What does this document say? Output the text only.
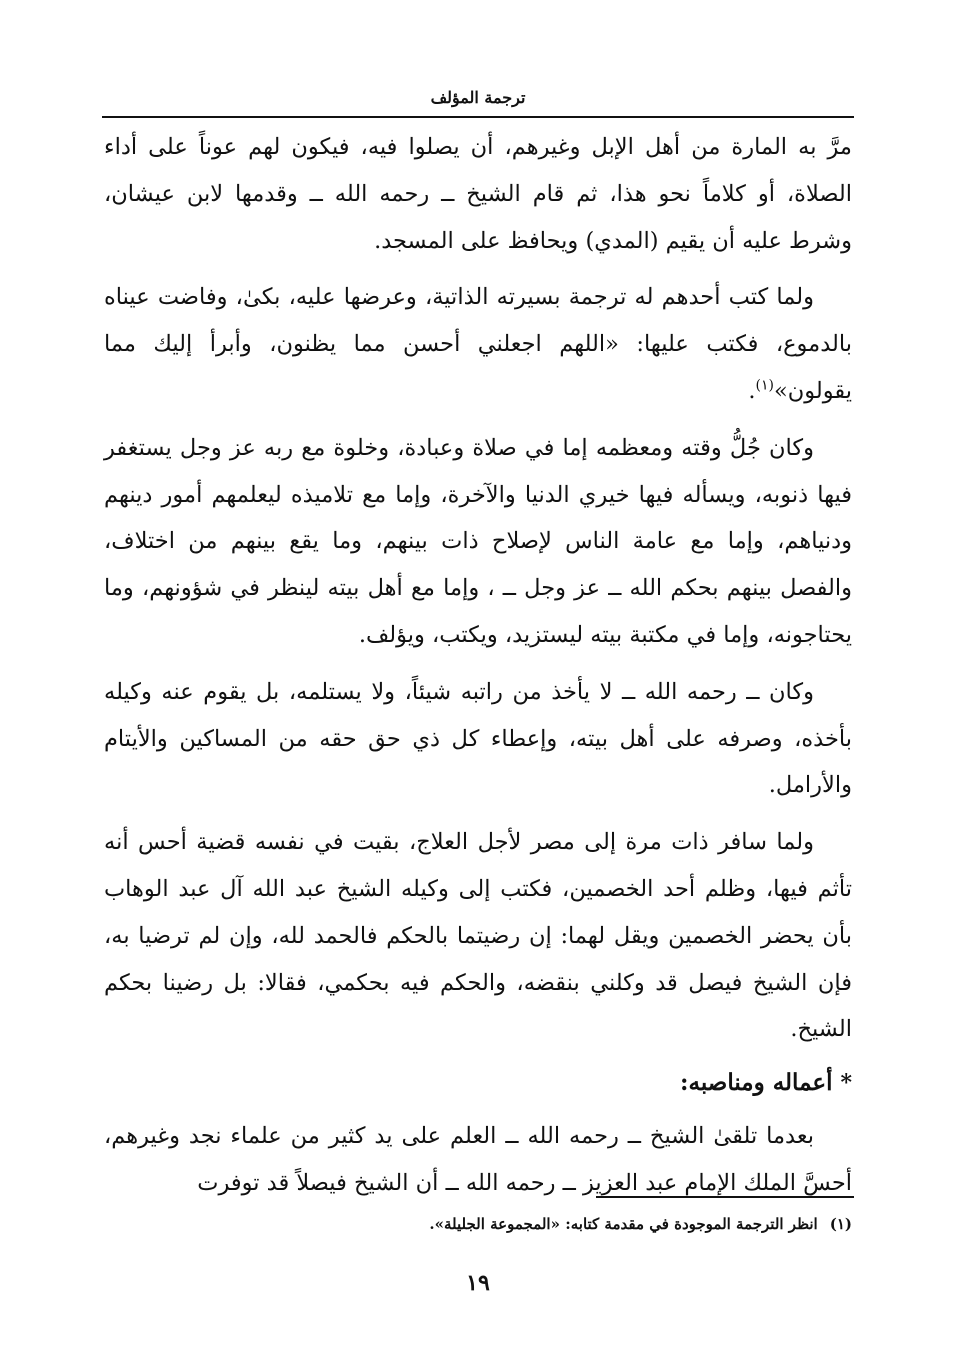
ترجمة المؤلف

مرَّ به المارة من أهل الإبل وغيرهم، أن يصلوا فيه، فيكون لهم عوناً على أداء الصلاة، أو كلاماً نحو هذا، ثم قام الشيخ ــ رحمه الله ــ وقدمها لابن عيشان، وشرط عليه أن يقيم (المدي) ويحافظ على المسجد.

ولما كتب أحدهم له ترجمة بسيرته الذاتية، وعرضها عليه، بكىٰ، وفاضت عيناه بالدموع، فكتب عليها: «اللهم اجعلني أحسن مما يظنون، وأبرأ إليك مما يقولون»$^{(١)}$.

وكان جُلُّ وقته ومعظمه إما في صلاة وعبادة، وخلوة مع ربه عز وجل يستغفر فيها ذنوبه، ويسأله فيها خيري الدنيا والآخرة، وإما مع تلاميذه ليعلمهم أمور دينهم ودنياهم، وإما مع عامة الناس لإصلاح ذات بينهم، وما يقع بينهم من اختلاف، والفصل بينهم بحكم الله ــ عز وجل ــ ، وإما مع أهل بيته لينظر في شؤونهم، وما يحتاجونه، وإما في مكتبة بيته ليستزيد، ويكتب، ويؤلف.

وكان ــ رحمه الله ــ لا يأخذ من راتبه شيئاً، ولا يستلمه، بل يقوم عنه وكيله بأخذه، وصرفه على أهل بيته، وإعطاء كل ذي حق حقه من المساكين والأيتام والأرامل.

ولما سافر ذات مرة إلى مصر لأجل العلاج، بقيت في نفسه قضية أحس أنه تأثم فيها، وظلم أحد الخصمين، فكتب إلى وكيله الشيخ عبد الله آل عبد الوهاب بأن يحضر الخصمين ويقل لهما: إن رضيتما بالحكم فالحمد لله، وإن لم ترضيا به، فإن الشيخ فيصل قد وكلني بنقضه، والحكم فيه بحكمي، فقالا: بل رضينا بحكم الشيخ.

*أعماله ومناصبه:

بعدما تلقىٰ الشيخ ــ رحمه الله ــ العلم على يد كثير من علماء نجد وغيرهم، أحسَّ الملك الإمام عبد العزيز ــ رحمه الله ــ أن الشيخ فيصلاً قد توفرت

(١)انظر الترجمة الموجودة في مقدمة كتابه: «المجموعة الجليلة».
١٩
